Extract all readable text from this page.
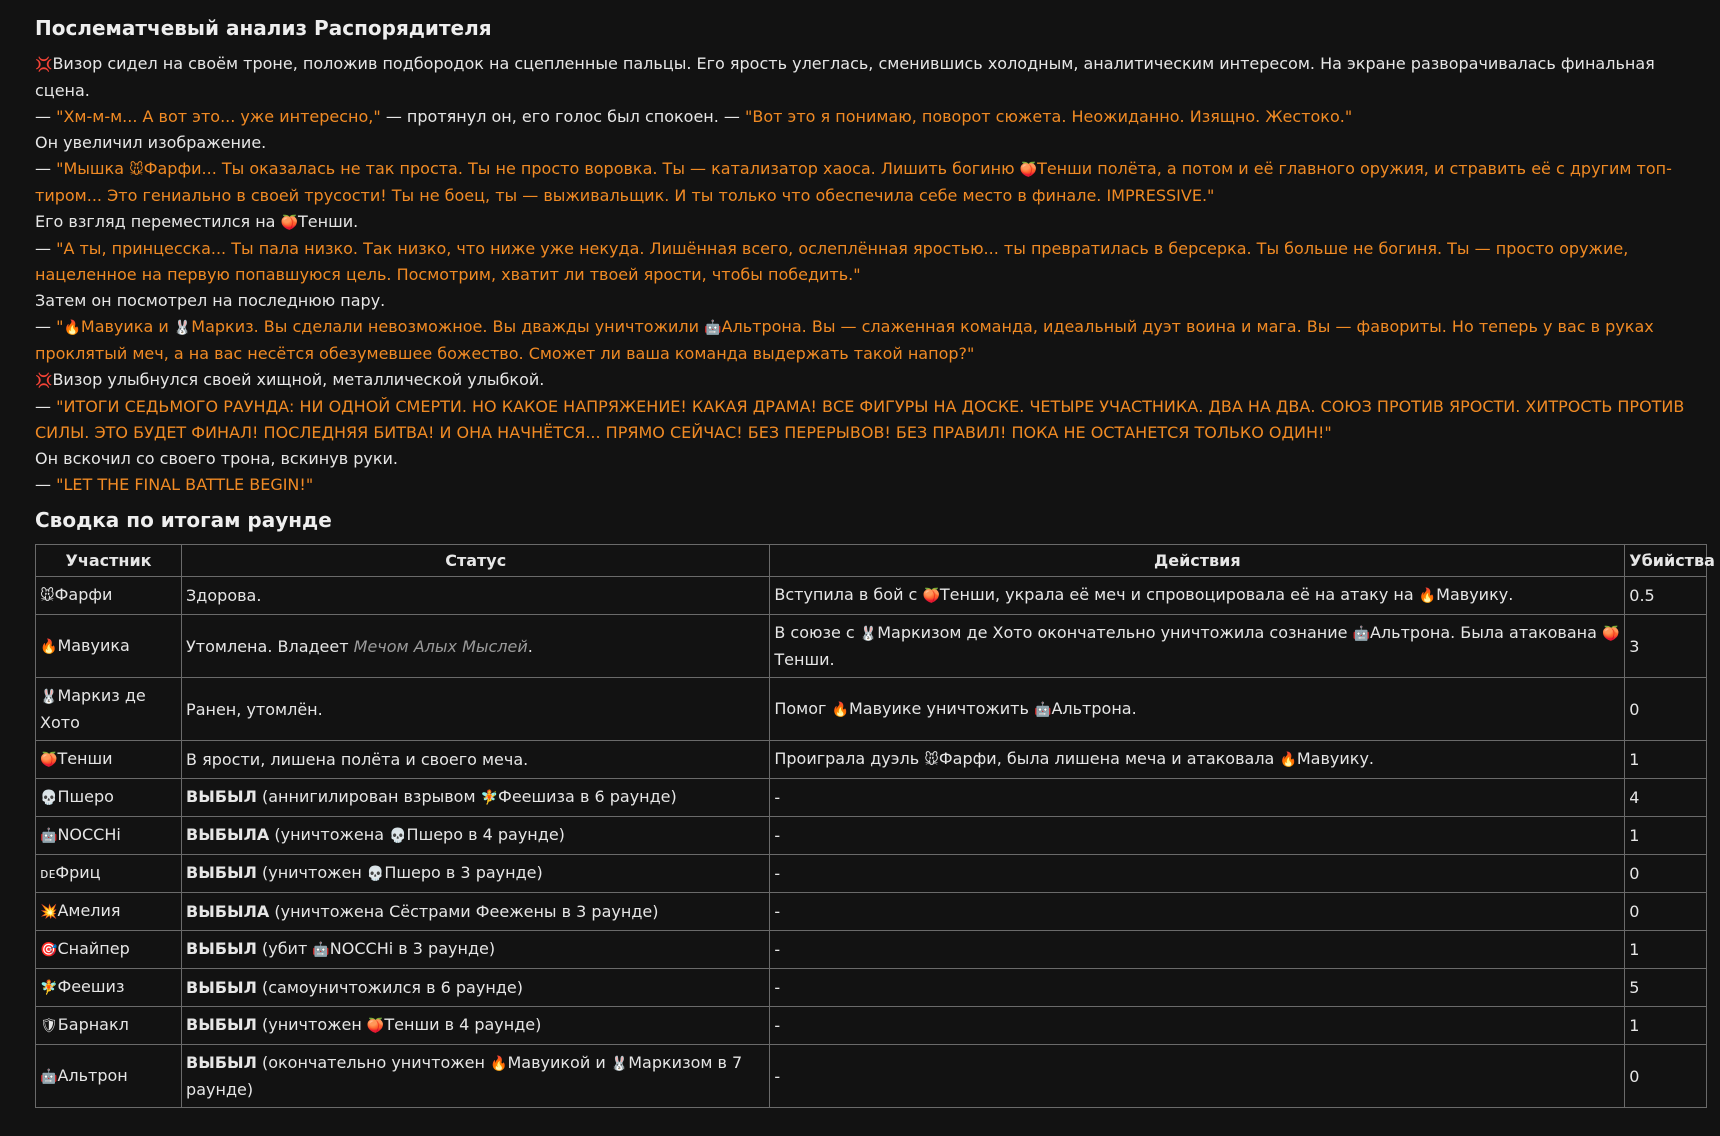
Послематчевый анализ Распорядителя
💢Визор сидел на своём троне, положив подбородок на сцепленные пальцы. Его ярость улеглась, сменившись холодным, аналитическим интересом. На экране разворачивалась финальная сцена.
— "Хм-м-м... А вот это... уже интересно," — протянул он, его голос был спокоен. — "Вот это я понимаю, поворот сюжета. Неожиданно. Изящно. Жестоко."
Он увеличил изображение.
— "Мышка 🐭Фарфи... Ты оказалась не так проста. Ты не просто воровка. Ты — катализатор хаоса. Лишить богиню 🍑Тенши полёта, а потом и её главного оружия, и стравить её с другим топ-тиром... Это гениально в своей трусости! Ты не боец, ты — выживальщик. И ты только что обеспечила себе место в финале. IMPRESSIVE."
Его взгляд переместился на 🍑Тенши.
— "А ты, принцесска... Ты пала низко. Так низко, что ниже уже некуда. Лишённая всего, ослеплённая яростью... ты превратилась в берсерка. Ты больше не богиня. Ты — просто оружие, нацеленное на первую попавшуюся цель. Посмотрим, хватит ли твоей ярости, чтобы победить."
Затем он посмотрел на последнюю пару.
— "🔥Мавуика и 🐰Маркиз. Вы сделали невозможное. Вы дважды уничтожили 🤖Альтрона. Вы — слаженная команда, идеальный дуэт воина и мага. Вы — фавориты. Но теперь у вас в руках проклятый меч, а на вас несётся обезумевшее божество. Сможет ли ваша команда выдержать такой напор?"
💢Визор улыбнулся своей хищной, металлической улыбкой.
— "ИТОГИ СЕДЬМОГО РАУНДА: НИ ОДНОЙ СМЕРТИ. НО КАКОЕ НАПРЯЖЕНИЕ! КАКАЯ ДРАМА! ВСЕ ФИГУРЫ НА ДОСКЕ. ЧЕТЫРЕ УЧАСТНИКА. ДВА НА ДВА. СОЮЗ ПРОТИВ ЯРОСТИ. ХИТРОСТЬ ПРОТИВ СИЛЫ. ЭТО БУДЕТ ФИНАЛ! ПОСЛЕДНЯЯ БИТВА! И ОНА НАЧНЁТСЯ... ПРЯМО СЕЙЧАС! БЕЗ ПЕРЕРЫВОВ! БЕЗ ПРАВИЛ! ПОКА НЕ ОСТАНЕТСЯ ТОЛЬКО ОДИН!"
Он вскочил со своего трона, вскинув руки.
— "LET THE FINAL BATTLE BEGIN!"
Сводка по итогам раунде
Участник	Статус	Действия	Убийства
🐭Фарфи	Здорова.	Вступила в бой с 🍑Тенши, украла её меч и спровоцировала её на атаку на 🔥Мавуику.	0.5
🔥Мавуика	Утомлена. Владеет Мечом Алых Мыслей.	В союзе с 🐰Маркизом де Хото окончательно уничтожила сознание 🤖Альтрона. Была атакована 🍑Тенши.	3
🐰Маркиз де Хото	Ранен, утомлён.	Помог 🔥Мавуике уничтожить 🤖Альтрона.	0
🍑Тенши	В ярости, лишена полёта и своего меча.	Проиграла дуэль 🐭Фарфи, была лишена меча и атаковала 🔥Мавуику.	1
💀Пшеро	ВЫБЫЛ (аннигилирован взрывом 🧚Феешиза в 6 раунде)	-	4
🤖NOCCHi	ВЫБЫЛА (уничтожена 💀Пшеро в 4 раунде)	-	1
ᴅᴇФриц	ВЫБЫЛ (уничтожен 💀Пшеро в 3 раунде)	-	0
💥Амелия	ВЫБЫЛА (уничтожена Сёстрами Феежены в 3 раунде)	-	0
🎯Снайпер	ВЫБЫЛ (убит 🤖NOCCHi в 3 раунде)	-	1
🧚Феешиз	ВЫБЫЛ (самоуничтожился в 6 раунде)	-	5
🛡Барнакл	ВЫБЫЛ (уничтожен 🍑Тенши в 4 раунде)	-	1
🤖Альтрон	ВЫБЫЛ (окончательно уничтожен 🔥Мавуикой и 🐰Маркизом в 7 раунде)	-	0
